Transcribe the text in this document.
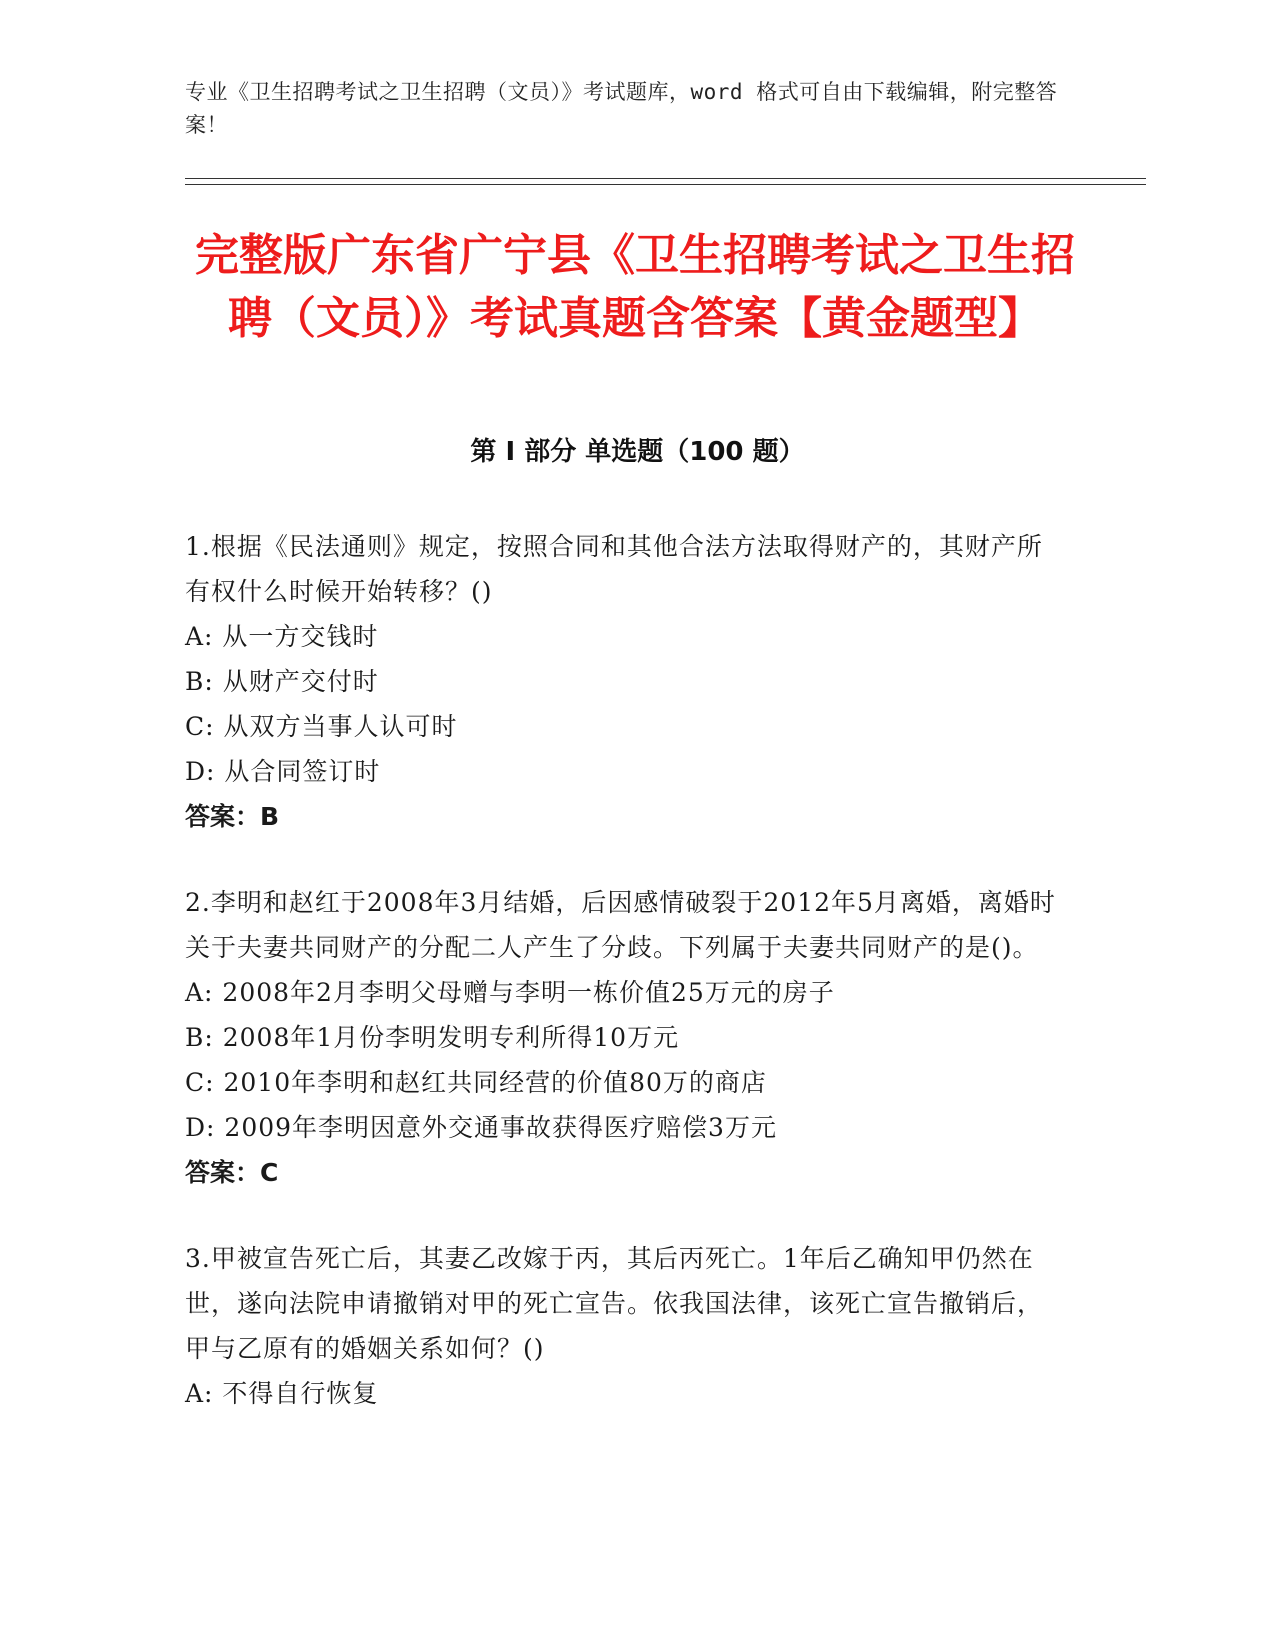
专业《卫生招聘考试之卫生招聘（文员）》考试题库，word 格式可自由下载编辑，附完整答案！
完整版广东省广宁县《卫生招聘考试之卫生招聘（文员）》考试真题含答案【黄金题型】
第 I 部分 单选题（100 题）
1.根据《民法通则》规定，按照合同和其他合法方法取得财产的，其财产所有权什么时候开始转移？()
A: 从一方交钱时
B: 从财产交付时
C: 从双方当事人认可时
D: 从合同签订时
答案：B
2.李明和赵红于2008年3月结婚，后因感情破裂于2012年5月离婚，离婚时关于夫妻共同财产的分配二人产生了分歧。下列属于夫妻共同财产的是()。
A: 2008年2月李明父母赠与李明一栋价值25万元的房子
B: 2008年1月份李明发明专利所得10万元
C: 2010年李明和赵红共同经营的价值80万的商店
D: 2009年李明因意外交通事故获得医疗赔偿3万元
答案：C
3.甲被宣告死亡后，其妻乙改嫁于丙，其后丙死亡。1年后乙确知甲仍然在世，遂向法院申请撤销对甲的死亡宣告。依我国法律，该死亡宣告撤销后，甲与乙原有的婚姻关系如何？()
A: 不得自行恢复
